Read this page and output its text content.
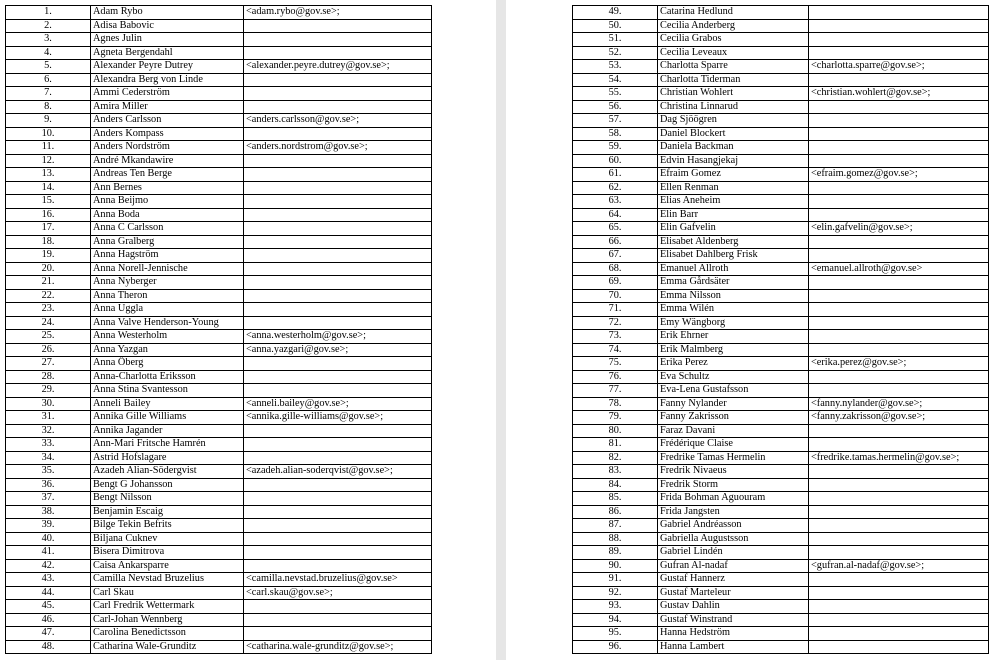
1.	Adam Rybo	<adam.rybo@gov.se>;
2.	Adisa Babovic	
3.	Agnes Julin	
4.	Agneta Bergendahl	
5.	Alexander Peyre Dutrey	<alexander.peyre.dutrey@gov.se>;
6.	Alexandra Berg von Linde	
7.	Ammi Cederström	
8.	Amira Miller	
9.	Anders Carlsson	<anders.carlsson@gov.se>;
10.	Anders Kompass	
11.	Anders Nordström	<anders.nordstrom@gov.se>;
12.	André Mkandawire	
13.	Andreas Ten Berge	
14.	Ann Bernes	
15.	Anna Beijmo	
16.	Anna Boda	
17.	Anna C Carlsson	
18.	Anna Gralberg	
19.	Anna Hagström	
20.	Anna Norell-Jennische	
21.	Anna Nyberger	
22.	Anna Theron	
23.	Anna Uggla	
24.	Anna Valve Henderson-Young	
25.	Anna Westerholm	<anna.westerholm@gov.se>;
26.	Anna Yazgan	<anna.yazgari@gov.se>;
27.	Anna Öberg	
28.	Anna-Charlotta Eriksson	
29.	Anna Stina Svantesson	
30.	Anneli Bailey	<anneli.bailey@gov.se>;
31.	Annika Gille Williams	<annika.gille-williams@gov.se>;
32.	Annika Jagander	
33.	Ann-Mari Fritsche Hamrén	
34.	Astrid Hofslagare	
35.	Azadeh Alian-Södergvist	<azadeh.alian-soderqvist@gov.se>;
36.	Bengt G Johansson	
37.	Bengt Nilsson	
38.	Benjamin Escaig	
39.	Bilge Tekin Befrits	
40.	Biljana Cuknev	
41.	Bisera Dimitrova	
42.	Caisa Ankarsparre	
43.	Camilla Nevstad Bruzelius	<camilla.nevstad.bruzelius@gov.se>
44.	Carl Skau	<carl.skau@gov.se>;
45.	Carl Fredrik Wettermark	
46.	Carl-Johan Wennberg	
47.	Carolina Benedictsson	
48.	Catharina Wale-Grunditz	<catharina.wale-grunditz@gov.se>;
49.	Catarina Hedlund	
50.	Cecilia Anderberg	
51.	Cecilia Grabos	
52.	Cecilia Leveaux	
53.	Charlotta Sparre	<charlotta.sparre@gov.se>;
54.	Charlotta Tiderman	
55.	Christian Wohlert	<christian.wohlert@gov.se>;
56.	Christina Linnarud	
57.	Dag Sjöögren	
58.	Daniel Blockert	
59.	Daniela Backman	
60.	Edvin Hasangjekaj	
61.	Efraim Gomez	<efraim.gomez@gov.se>;
62.	Ellen Renman	
63.	Elias Aneheim	
64.	Elin Barr	
65.	Elin Gafvelin	<elin.gafvelin@gov.se>;
66.	Elisabet Aldenberg	
67.	Elisabet Dahlberg Frisk	
68.	Emanuel Allroth	<emanuel.allroth@gov.se>
69.	Emma Gårdsäter	
70.	Emma Nilsson	
71.	Emma Wilén	
72.	Emy Wängborg	
73.	Erik Ehrner	
74.	Erik Malmberg	
75.	Erika Perez	<erika.perez@gov.se>;
76.	Eva Schultz	
77.	Eva-Lena Gustafsson	
78.	Fanny Nylander	<fanny.nylander@gov.se>;
79.	Fanny Zakrisson	<fanny.zakrisson@gov.se>;
80.	Faraz Davani	
81.	Frédérique Claise	
82.	Fredrike Tamas Hermelin	<fredrike.tamas.hermelin@gov.se>;
83.	Fredrik Nivaeus	
84.	Fredrik Storm	
85.	Frida Bohman Aguouram	
86.	Frida Jangsten	
87.	Gabriel Andréasson	
88.	Gabriella Augustsson	
89.	Gabriel Lindén	
90.	Gufran Al-nadaf	<gufran.al-nadaf@gov.se>;
91.	Gustaf Hannerz	
92.	Gustaf Marteleur	
93.	Gustav Dahlin	
94.	Gustaf Winstrand	
95.	Hanna Hedström	
96.	Hanna Lambert	
